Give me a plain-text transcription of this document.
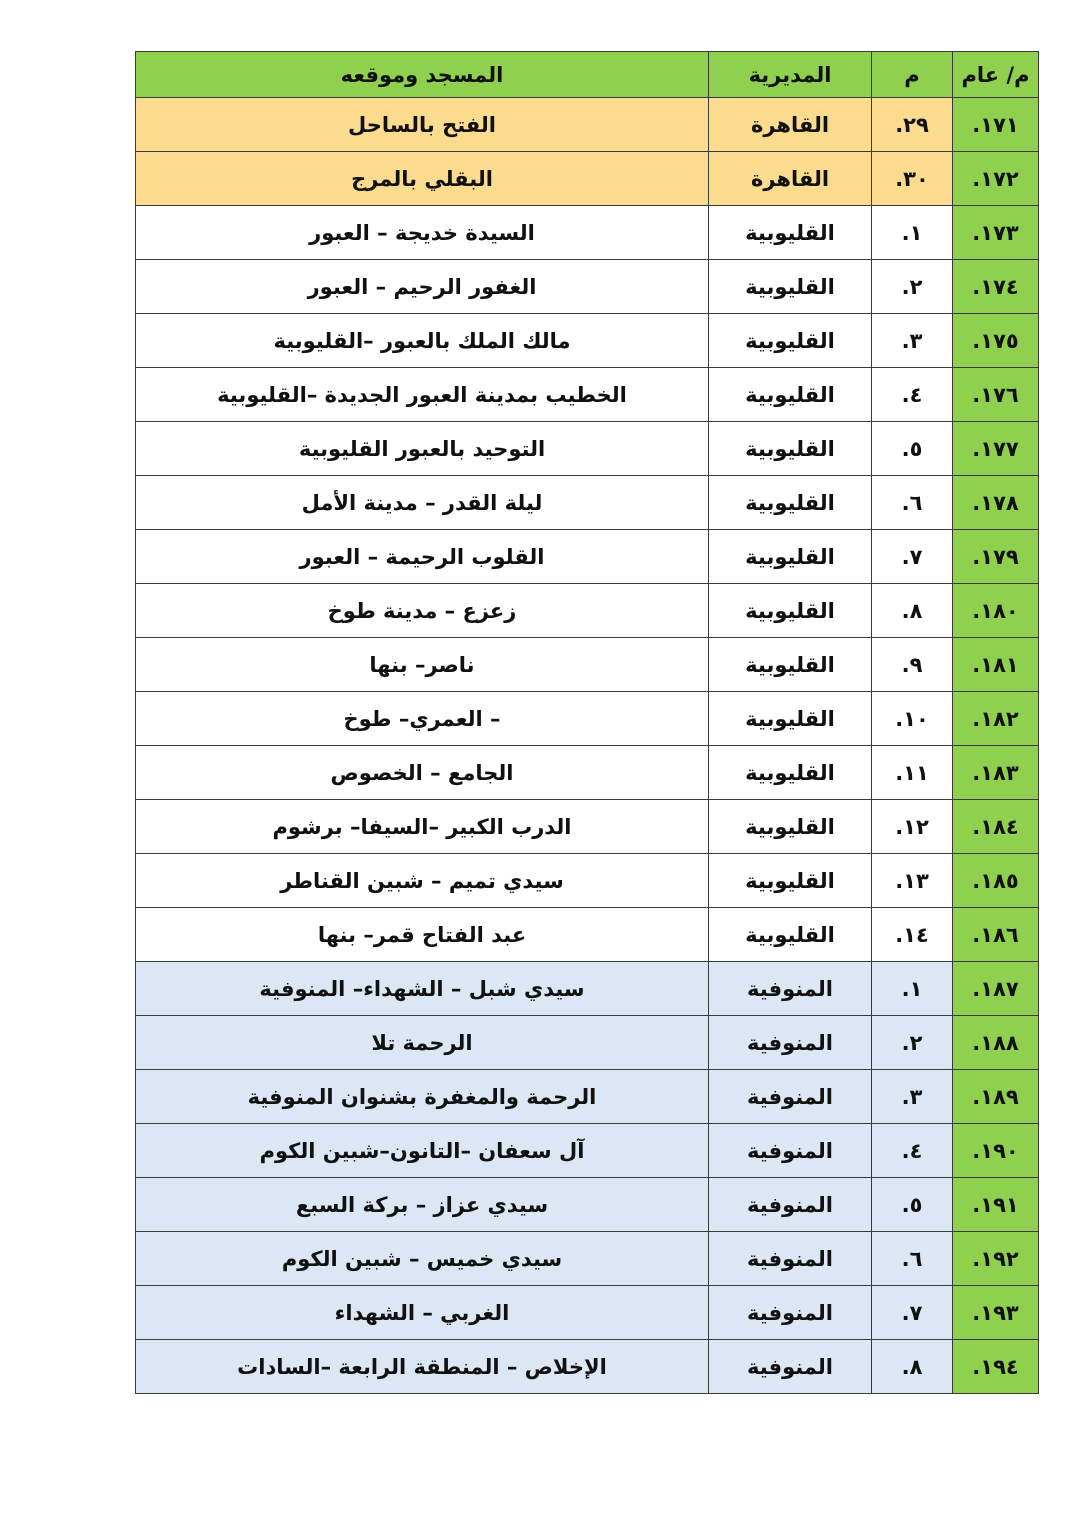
م/ عام	م	المديرية	المسجد وموقعه
١٧١.	٢٩.	القاهرة	الفتح بالساحل
١٧٢.	٣٠.	القاهرة	البقلي بالمرج
١٧٣.	١.	القليوبية	السيدة خديجة – العبور
١٧٤.	٢.	القليوبية	الغفور الرحيم – العبور
١٧٥.	٣.	القليوبية	مالك الملك بالعبور –القليوبية
١٧٦.	٤.	القليوبية	الخطيب بمدينة العبور الجديدة –القليوبية
١٧٧.	٥.	القليوبية	التوحيد بالعبور القليوبية
١٧٨.	٦.	القليوبية	ليلة القدر – مدينة الأمل
١٧٩.	٧.	القليوبية	القلوب الرحيمة – العبور
١٨٠.	٨.	القليوبية	زعزع – مدينة طوخ
١٨١.	٩.	القليوبية	ناصر– بنها
١٨٢.	١٠.	القليوبية	– العمري– طوخ
١٨٣.	١١.	القليوبية	الجامع – الخصوص
١٨٤.	١٢.	القليوبية	الدرب الكبير –السيفا– برشوم
١٨٥.	١٣.	القليوبية	سيدي تميم – شبين القناطر
١٨٦.	١٤.	القليوبية	عبد الفتاح قمر– بنها
١٨٧.	١.	المنوفية	سيدي شبل – الشهداء– المنوفية
١٨٨.	٢.	المنوفية	الرحمة تلا
١٨٩.	٣.	المنوفية	الرحمة والمغفرة بشنوان المنوفية
١٩٠.	٤.	المنوفية	آل سعفان –التانون–شبين الكوم
١٩١.	٥.	المنوفية	سيدي عزاز – بركة السبع
١٩٢.	٦.	المنوفية	سيدي خميس – شبين الكوم
١٩٣.	٧.	المنوفية	الغربي – الشهداء
١٩٤.	٨.	المنوفية	الإخلاص – المنطقة الرابعة –السادات
